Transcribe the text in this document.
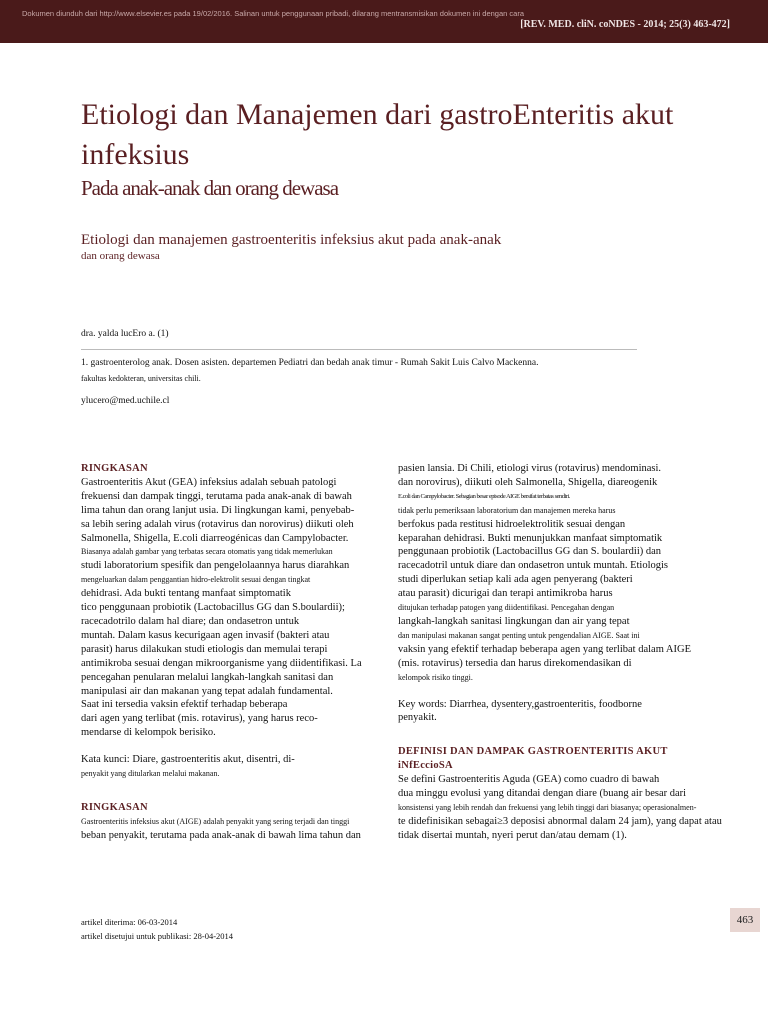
Dokumen diunduh dari http://www.elsevier.es pada 19/02/2016. Salinan untuk penggunaan pribadi, dilarang mentransmisikan dokumen ini dengan cara
[REV. MED. cliN. coNDES - 2014; 25(3) 463-472]
Etiologi dan Manajemen dari gastroEnteritis akut infeksius
Pada anak-anak dan orang dewasa
Etiologi dan manajemen gastroenteritis infeksius akut pada anak-anak
dan orang dewasa
dra. yalda lucEro a. (1)
1. gastroenterolog anak. Dosen asisten. departemen Pediatri dan bedah anak timur - Rumah Sakit Luis Calvo Mackenna.
fakultas kedokteran, universitas chili.
ylucero@med.uchile.cl
RINGKASAN

Gastroenteritis Akut (GEA) infeksius adalah sebuah patologi
frekuensi dan dampak tinggi, terutama pada anak-anak di bawah
lima tahun dan orang lanjut usia. Di lingkungan kami, penyebab-
sa lebih sering adalah virus (rotavirus dan norovirus) diikuti oleh
Salmonella, Shigella, E.coli diarreogénicas dan Campylobacter.
Biasanya adalah gambar yang terbatas secara otomatis yang tidak memerlukan
studi laboratorium spesifik dan pengelolaannya harus diarahkan
mengeluarkan dalam penggantian hidro-elektrolit sesuai dengan tingkat
dehidrasi. Ada bukti tentang manfaat simptomatik
tico penggunaan probiotik (Lactobacillus GG dan S.boulardii);
racecadotrilo dalam hal diare; dan ondasetron untuk
muntah. Dalam kasus kecurigaan agen invasif (bakteri atau
parasit) harus dilakukan studi etiologis dan memulai terapi
antimikroba sesuai dengan mikroorganisme yang diidentifikasi. La
pencegahan penularan melalui langkah-langkah sanitasi dan
manipulasi air dan makanan yang tepat adalah fundamental.
Saat ini tersedia vaksin efektif terhadap beberapa
dari agen yang terlibat (mis. rotavirus), yang harus reco-
mendarse di kelompok berisiko.

Kata kunci: Diare, gastroenteritis akut, disentri, di-
penyakit yang ditularkan melalui makanan.

RINGKASAN

Gastroenteritis infeksius akut (AIGE) adalah penyakit yang sering terjadi dan tinggi
beban penyakit, terutama pada anak-anak di bawah lima tahun dan

pasien lansia. Di Chili, etiologi virus (rotavirus) mendominasi.
dan norovirus), diikuti oleh Salmonella, Shigella, diareogenik
E.coli dan Campylobacter. Sebagian besar episode AIGE bersifat terbatas sendiri.
tidak perlu pemeriksaan laboratorium dan manajemen mereka harus
berfokus pada restitusi hidroelektrolitik sesuai dengan
keparahan dehidrasi. Bukti menunjukkan manfaat simptomatik
penggunaan probiotik (Lactobacillus GG dan S. boulardii) dan
racecadotril untuk diare dan ondasetron untuk muntah. Etiologis
studi diperlukan setiap kali ada agen penyerang (bakteri
atau parasit) dicurigai dan terapi antimikroba harus
ditujukan terhadap patogen yang diidentifikasi. Pencegahan dengan
langkah-langkah sanitasi lingkungan dan air yang tepat
dan manipulasi makanan sangat penting untuk pengendalian AIGE. Saat ini
vaksin yang efektif terhadap beberapa agen yang terlibat dalam AIGE
(mis. rotavirus) tersedia dan harus direkomendasikan di
kelompok risiko tinggi.

Key words: Diarrhea, dysentery,gastroenteritis, foodborne
penyakit.

DEFINISI DAN DAMPAK GASTROENTERITIS AKUT
iNfEccioSA

Se defini Gastroenteritis Aguda (GEA) como cuadro di bawah
dua minggu evolusi yang ditandai dengan diare (buang air besar dari
konsistensi yang lebih rendah dan frekuensi yang lebih tinggi dari biasanya; operasionalmen-
te didefinisikan sebagai≥3 deposisi abnormal dalam 24 jam), yang dapat atau
tidak disertai muntah, nyeri perut dan/atau demam (1).

artikel diterima: 06-03-2014
artikel disetujui untuk publikasi: 28-04-2014
463
